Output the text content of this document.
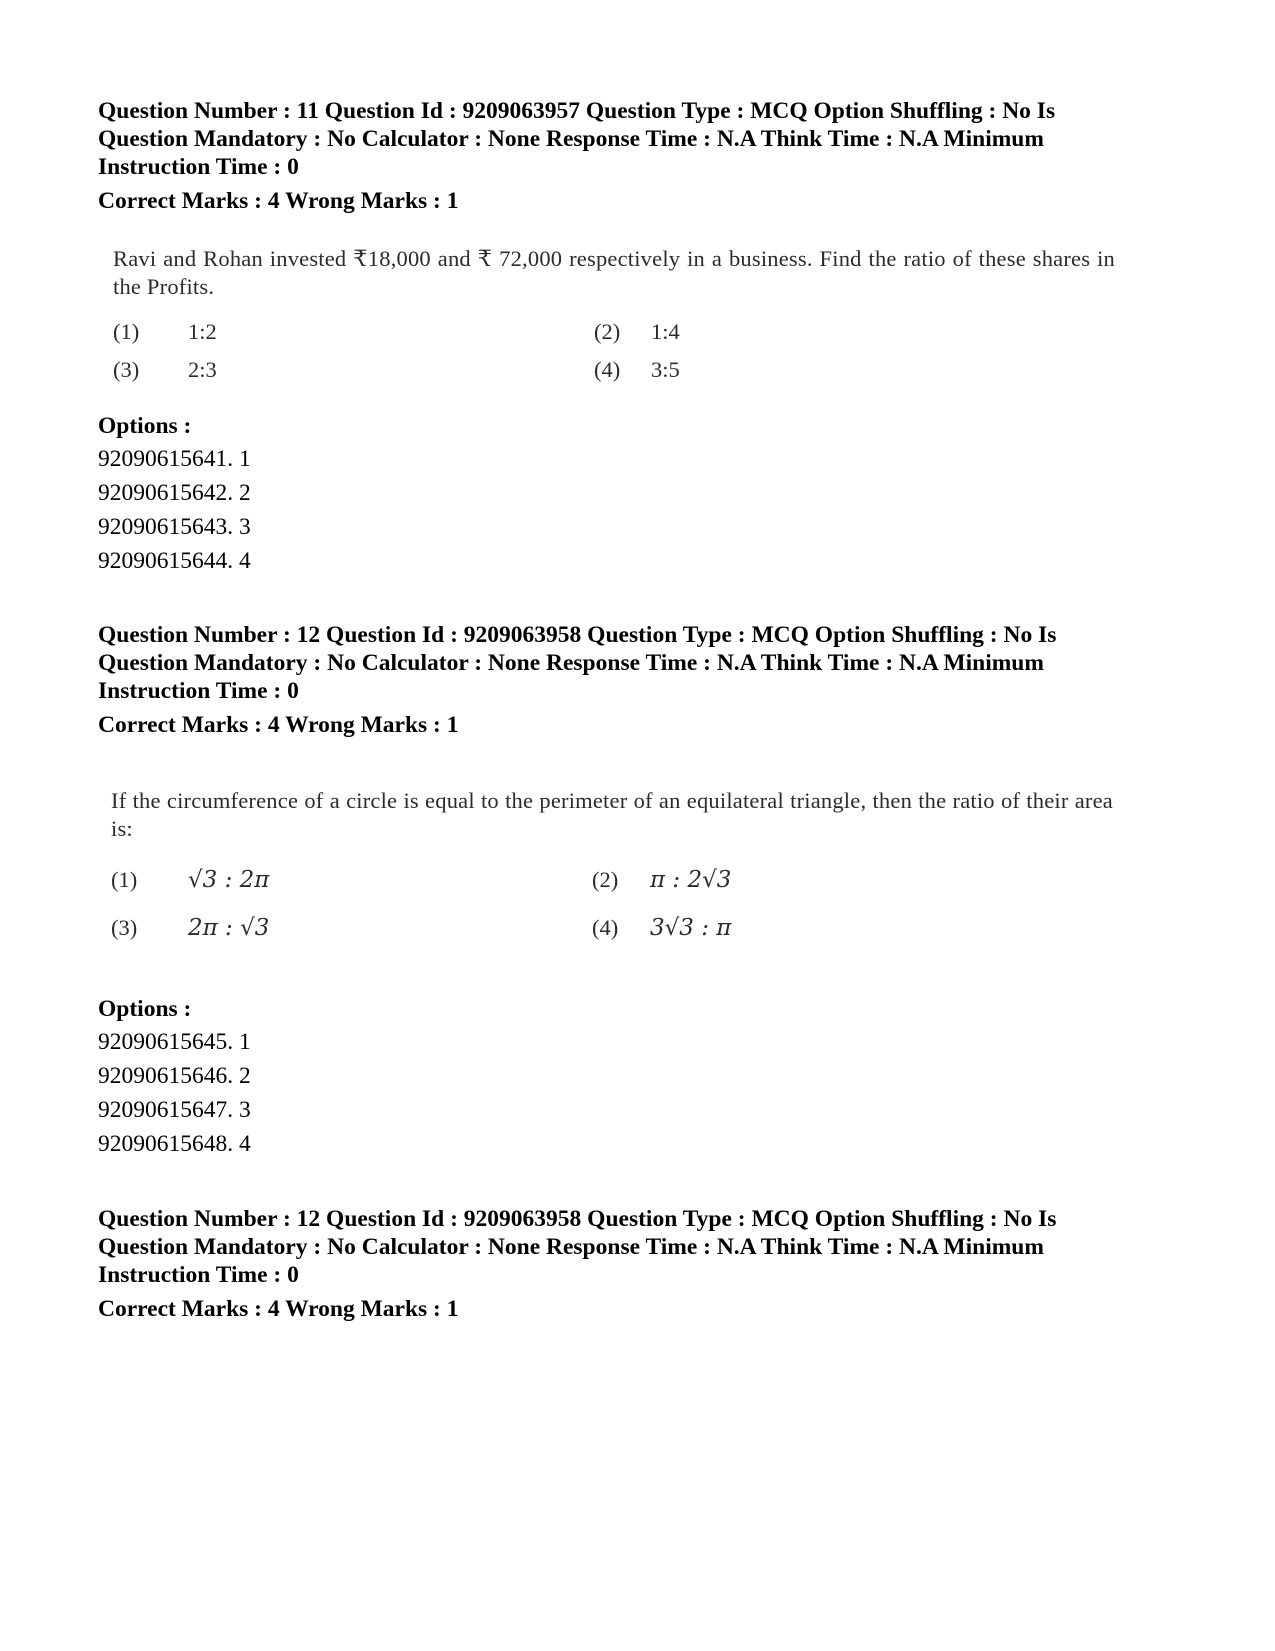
Question Number : 11 Question Id : 9209063957 Question Type : MCQ Option Shuffling : No Is Question Mandatory : No Calculator : None Response Time : N.A Think Time : N.A Minimum Instruction Time : 0
Correct Marks : 4 Wrong Marks : 1
Ravi and Rohan invested ₹18,000 and ₹ 72,000 respectively in a business. Find the ratio of these shares in the Profits.
(1) 1:2	(2) 1:4
(3) 2:3	(4) 3:5
Options :
92090615641. 1
92090615642. 2
92090615643. 3
92090615644. 4
Question Number : 12 Question Id : 9209063958 Question Type : MCQ Option Shuffling : No Is Question Mandatory : No Calculator : None Response Time : N.A Think Time : N.A Minimum Instruction Time : 0
Correct Marks : 4 Wrong Marks : 1
If the circumference of a circle is equal to the perimeter of an equilateral triangle, then the ratio of their area is:
(1) √3 : 2π	(2) π : 2√3
(3) 2π : √3	(4) 3√3 : π
Options :
92090615645. 1
92090615646. 2
92090615647. 3
92090615648. 4
Question Number : 12 Question Id : 9209063958 Question Type : MCQ Option Shuffling : No Is Question Mandatory : No Calculator : None Response Time : N.A Think Time : N.A Minimum Instruction Time : 0
Correct Marks : 4 Wrong Marks : 1
